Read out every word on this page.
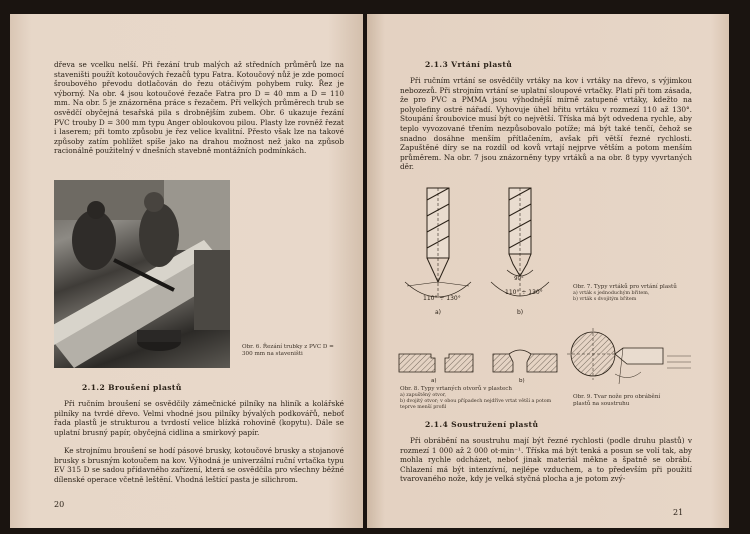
dřeva se vcelku nelší. Při řezání trub malých až středních průměrů lze na staveništi použít kotoučových řezačů typu Fatra. Kotoučový nůž je zde pomocí šroubového převodu dotlačován do řezu otáčivým pohybem ruky. Řez je výborný. Na obr. 4 jsou kotoučové řezače Fatra pro D = 40 mm a D = 110 mm. Na obr. 5 je znázorněna práce s řezačem. Při velkých průměrech trub se osvědčí obyčejná tesařská pila s drobnějším zubem. Obr. 6 ukazuje řezání PVC trouby D = 300 mm typu Anger obloukovou pilou. Plasty lze rovněž řezat i laserem; při tomto způsobu je řez velice kvalitní. Přesto však lze na takové způsoby zatím pohlížet spíše jako na drahou možnost než jako na způsob racionálně použitelný v dnešních stavebně montážních podmínkách.

Obr. 6. Řezání trubky z PVC D = 300 mm na staveništi

2.1.2 Broušení plastů

Při ručním broušení se osvědčily zámečnické pilníky na hliník a kolářské pilníky na tvrdé dřevo. Velmi vhodné jsou pilníky bývalých podkovářů, neboť řada plastů je strukturou a tvrdostí velice blízká rohovině (kopytu). Dále se uplatní brusný papír, obyčejná cidlina a smirkový papír.

Ke strojnímu broušení se hodí pásové brusky, kotoučové brusky a stojanové brusky s brusným kotoučem na kov. Výhodná je univerzální ruční vrtačka typu EV 315 D se sadou přídavného zařízení, která se osvědčila pro všechny běžné dílenské operace včetně leštění. Vhodná leštící pasta je silichrom.

20
2.1.3 Vrtání plastů

Při ručním vrtání se osvědčily vrtáky na kov i vrtáky na dřevo, s výjimkou nebozezů. Při strojním vrtání se uplatní sloupové vrtačky. Platí při tom zásada, že pro PVC a PMMA jsou výhodnější mírně zatupené vrtáky, kdežto na polyolefiny ostré nářadí. Vyhovuje úhel břitu vrtáku v rozmezí 110 až 130°. Stoupání šroubovice musí být co největší. Tříska má být odvedena rychle, aby teplo vyvozované třením nezpůsobovalo potíže; má být také tenčí, čehož se snadno dosáhne menším přítlačením, avšak při větší řezné rychlosti. Zapuštěné díry se na rozdíl od kovů vrtají nejprve větším a potom menším průměrem. Na obr. 7 jsou znázorněny typy vrtáků a na obr. 8 typy vyvrtaných děr.

110° ÷ 130°
90°
110° ÷ 130°
a)	b)
Obr. 7. Typy vrtáků pro vrtání plastů
a) vrták s jednoduchým břitem,
b) vrták s dvojitým břitem
a)	b)
Obr. 8. Typy vrtaných otvorů v plastech
a) zapuštěný otvor,
b) dvojitý otvor; v obou případech nejdříve vrtat větší a potom teprve menší profil

Obr. 9. Tvar nože pro obrábění plastů na soustruhu

2.1.4 Soustružení plastů

Při obrábění na soustruhu mají být řezné rychlosti (podle druhu plastů) v rozmezí 1 000 až 2 000 ot·min⁻¹. Tříska má být tenká a posun se volí tak, aby mohla rychle odcházet, neboť jinak materiál měkne a špatně se obrábí. Chlazení má být intenzívní, nejlépe vzduchem, a to především při použití tvarovaného nože, kdy je velká styčná plocha a je potom zvý-

21
